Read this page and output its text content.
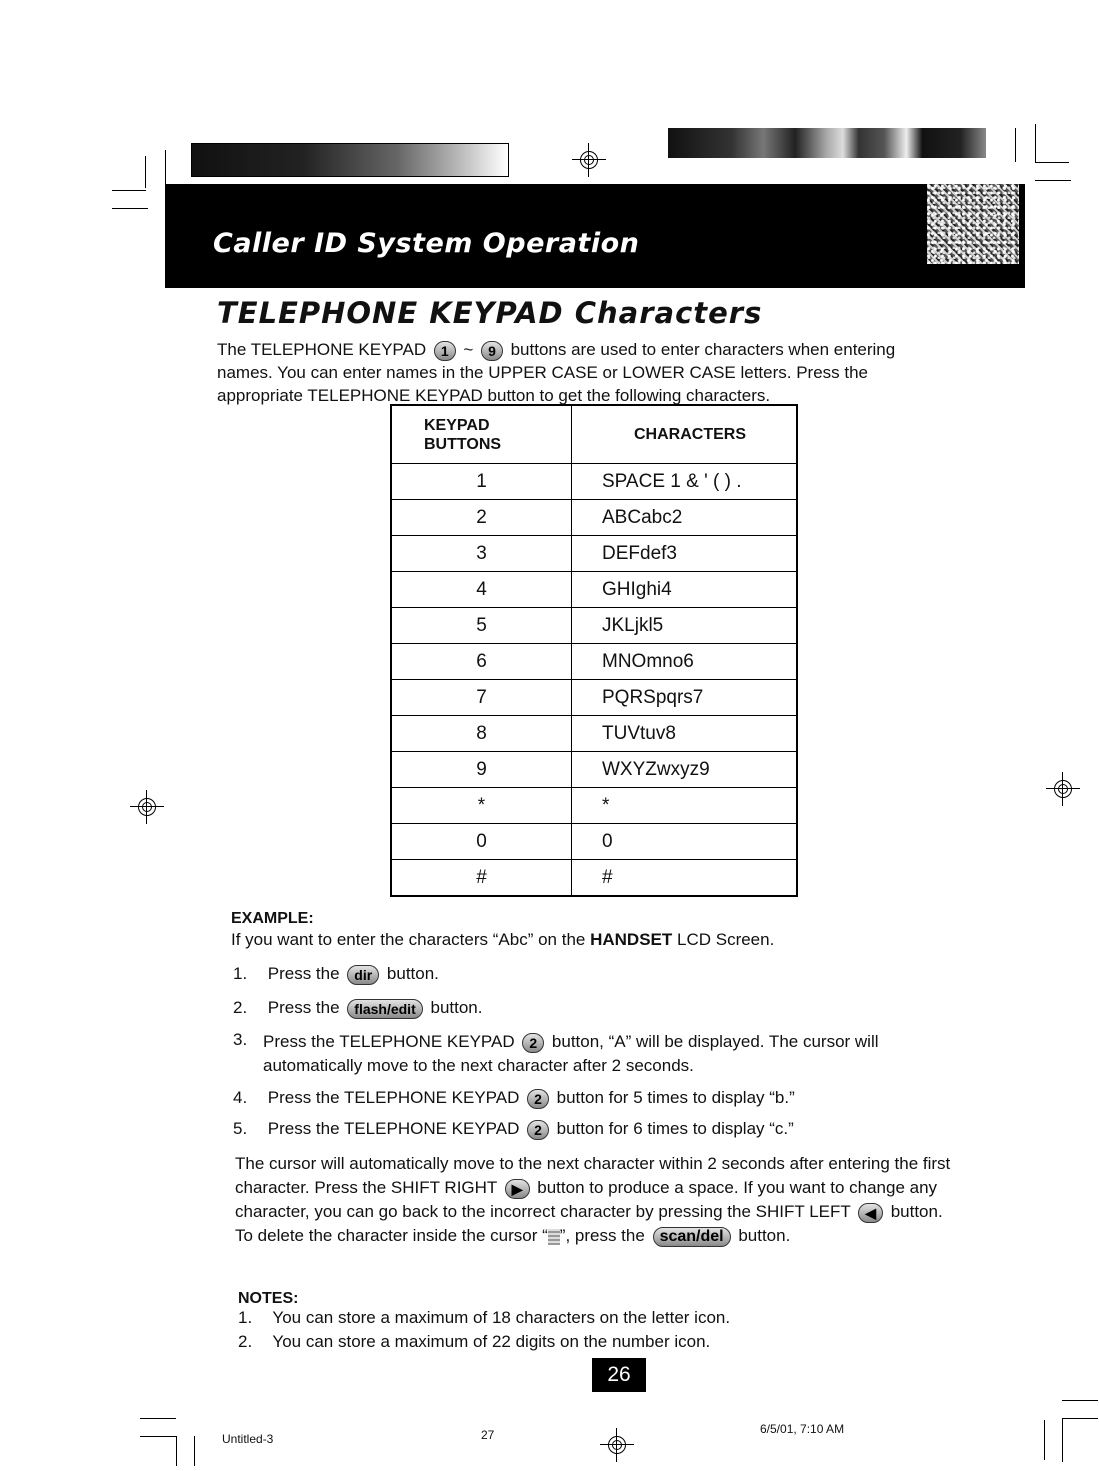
Caller ID System Operation
TELEPHONE KEYPAD Characters
The TELEPHONE KEYPAD 1 ~ 9 buttons are used to enter characters when entering names. You can enter names in the UPPER CASE or LOWER CASE letters. Press the appropriate TELEPHONE KEYPAD button to get the following characters.
KEYPAD
BUTTONS	CHARACTERS
1	SPACE 1 & ' ( ) .
2	ABCabc2
3	DEFdef3
4	GHIghi4
5	JKLjkl5
6	MNOmno6
7	PQRSpqrs7
8	TUVtuv8
9	WXYZwxyz9
*	*
0	0
#	#
EXAMPLE:
If you want to enter the characters “Abc” on the HANDSET LCD Screen.
1. Press the dir button.
2. Press the flash/edit button.
3. Press the TELEPHONE KEYPAD 2 button, “A” will be displayed. The cursor will automatically move to the next character after 2 seconds.
4. Press the TELEPHONE KEYPAD 2 button for 5 times to display “b.”
5. Press the TELEPHONE KEYPAD 2 button for 6 times to display “c.”
The cursor will automatically move to the next character within 2 seconds after entering the first character. Press the SHIFT RIGHT ▶ button to produce a space. If you want to change any character, you can go back to the incorrect character by pressing the SHIFT LEFT ◀ button. To delete the character inside the cursor “ ”, press the scan/del button.
NOTES:
1. You can store a maximum of 18 characters on the letter icon.
2. You can store a maximum of 22 digits on the number icon.
26
Untitled-3	27	6/5/01, 7:10 AM
